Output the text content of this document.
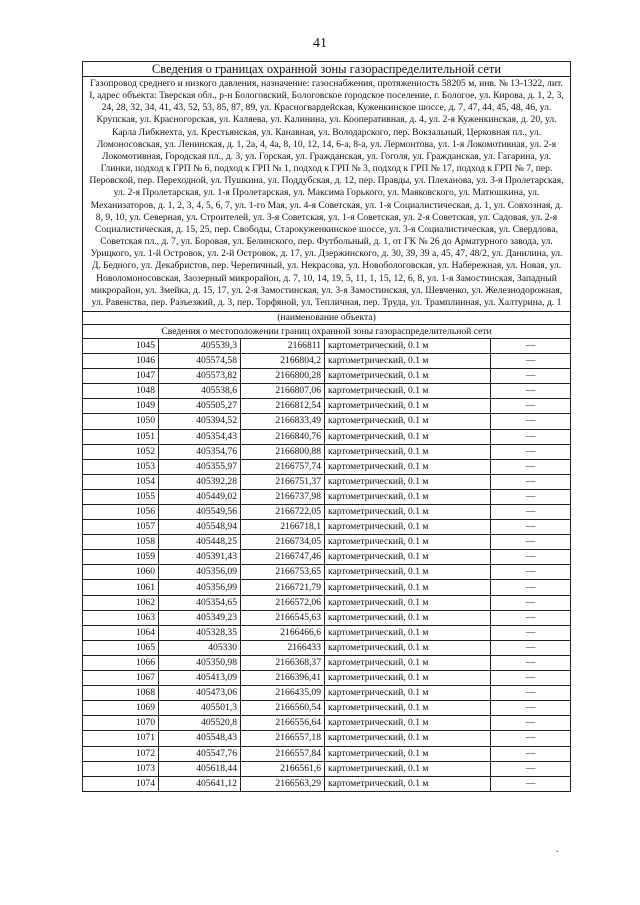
41
Сведения о границах охранной зоны газораспределительной сети				
Газопровод среднего и низкого давления, назначение: газоснабжения, протяженность 58205 м, инв. № 13-1322, лит. I, адрес объекта: Тверская обл., р-н Бологовский, Бологовское городское поселение, г. Бологое, ул. Кирова, д. 1, 2, 3, 24, 28, 32, 34, 41, 43, 52, 53, 85, 87, 89, ул. Красногвардейская, Куженкинское шоссе, д. 7, 47, 44, 45, 48, 46, ул. Крупская, ул. Красногорская, ул. Каляева, ул. Калинина, ул. Кооперативная, д. 4, ул. 2-я Куженкинская, д. 20, ул. Карла Либкнехта, ул. Крестьянская, ул. Канавная, ул. Володарского, пер. Вокзальный, Церковная пл., ул. Ломоносовская, ул. Ленинская, д. 1, 2а, 4, 4а, 8, 10, 12, 14, 6-а, 8-а, ул. Лермонтова, ул. 1-я Локомотивная, ул. 2-я Локомотивная, Городская пл., д. 3, ул. Горская, ул. Гражданская, ул. Гоголя, ул. Гражданская, ул. Гагарина, ул. Глинки, подход к ГРП № 6, подход к ГРП № 1, подход к ГРП № 3, подход к ГРП № 17, подход к ГРП № 7, пер. Перовской, пер. Переходной, ул. Пушкина, ул. Поддубская, д. 12, пер. Правды, ул. Плеханова, ул. 3-я Пролетарская, ул. 2-я Пролетарская, ул. 1-я Пролетарская, ул. Максима Горького, ул. Маяковского, ул. Матюшкина, ул. Механизаторов, д. 1, 2, 3, 4, 5, 6, 7, ул. 1-го Мая, ул. 4-я Советская, ул. 1-я Социалистическая, д. 1, ул. Совхозная, д. 8, 9, 10, ул. Северная, ул. Строителей, ул. 3-я Советская, ул. 1-я Советская, ул. 2-я Советская, ул. Садовая, ул. 2-я Социалистическая, д. 15, 25, пер. Свободы, Старокуженкинское шоссе, ул. 3-я Социалистическая, ул. Свердлова, Советская пл., д. 7, ул. Боровая, ул. Белинского, пер. Футбольный, д. 1, от ГК № 26 до Арматурного завода, ул. Урицкого, ул. 1-й Островок, ул. 2-й Островок, д. 17, ул. Дзержинского, д. 30, 39, 39 а, 45, 47, 48/2, ул. Данилина, ул. Д. Бедного, ул. Декабристов, пер. Черепичный, ул. Некрасова, ул. Новобологовская, ул. Набережная, ул. Новая, ул. Новоломоносовская, Заозерный микрорайон, д. 7, 10, 14, 19, 5, 11, 1, 15, 12, 6, 8, ул. 1-я Замостинская, Западный микрорайон, ул. Змейка, д. 15, 17, ул. 2-я Замостинская, ул. 3-я Замостинская, ул. Шевченко, ул. Железнодорожная, ул. Равенства, пер. Разъезжий, д. 3, пер. Торфяной, ул. Тепличная, пер. Труда, ул. Трамплинная, ул. Халтурина, д. 1				
(наименование объекта)				
Сведения о местоположении границ охранной зоны газораспределительной сети				
1045	405539,3	2166811	картометрический, 0.1 м	—
1046	405574,58	2166804,2	картометрический, 0.1 м	—
1047	405573,82	2166800,28	картометрический, 0.1 м	—
1048	405538,6	2166807,06	картометрический, 0.1 м	—
1049	405505,27	2166812,54	картометрический, 0.1 м	—
1050	405394,52	2166833,49	картометрический, 0.1 м	—
1051	405354,43	2166840,76	картометрический, 0.1 м	—
1052	405354,76	2166800,88	картометрический, 0.1 м	—
1053	405355,97	2166757,74	картометрический, 0.1 м	—
1054	405392,28	2166751,37	картометрический, 0.1 м	—
1055	405449,02	2166737,98	картометрический, 0.1 м	—
1056	405549,56	2166722,05	картометрический, 0.1 м	—
1057	405548,94	2166718,1	картометрический, 0.1 м	—
1058	405448,25	2166734,05	картометрический, 0.1 м	—
1059	405391,43	2166747,46	картометрический, 0.1 м	—
1060	405356,09	2166753,65	картометрический, 0.1 м	—
1061	405356,99	2166721,79	картометрический, 0.1 м	—
1062	405354,65	2166572,06	картометрический, 0.1 м	—
1063	405349,23	2166545,63	картометрический, 0.1 м	—
1064	405328,35	2166466,6	картометрический, 0.1 м	—
1065	405330	2166433	картометрический, 0.1 м	—
1066	405350,98	2166368,37	картометрический, 0.1 м	—
1067	405413,09	2166396,41	картометрический, 0.1 м	—
1068	405473,06	2166435,09	картометрический, 0.1 м	—
1069	405501,3	2166560,54	картометрический, 0.1 м	—
1070	405520,8	2166556,64	картометрический, 0.1 м	—
1071	405548,43	2166557,18	картометрический, 0.1 м	—
1072	405547,76	2166557,84	картометрический, 0.1 м	—
1073	405618,44	2166561,6	картометрический, 0.1 м	—
1074	405641,12	2166563,29	картометрический, 0.1 м	—
.
